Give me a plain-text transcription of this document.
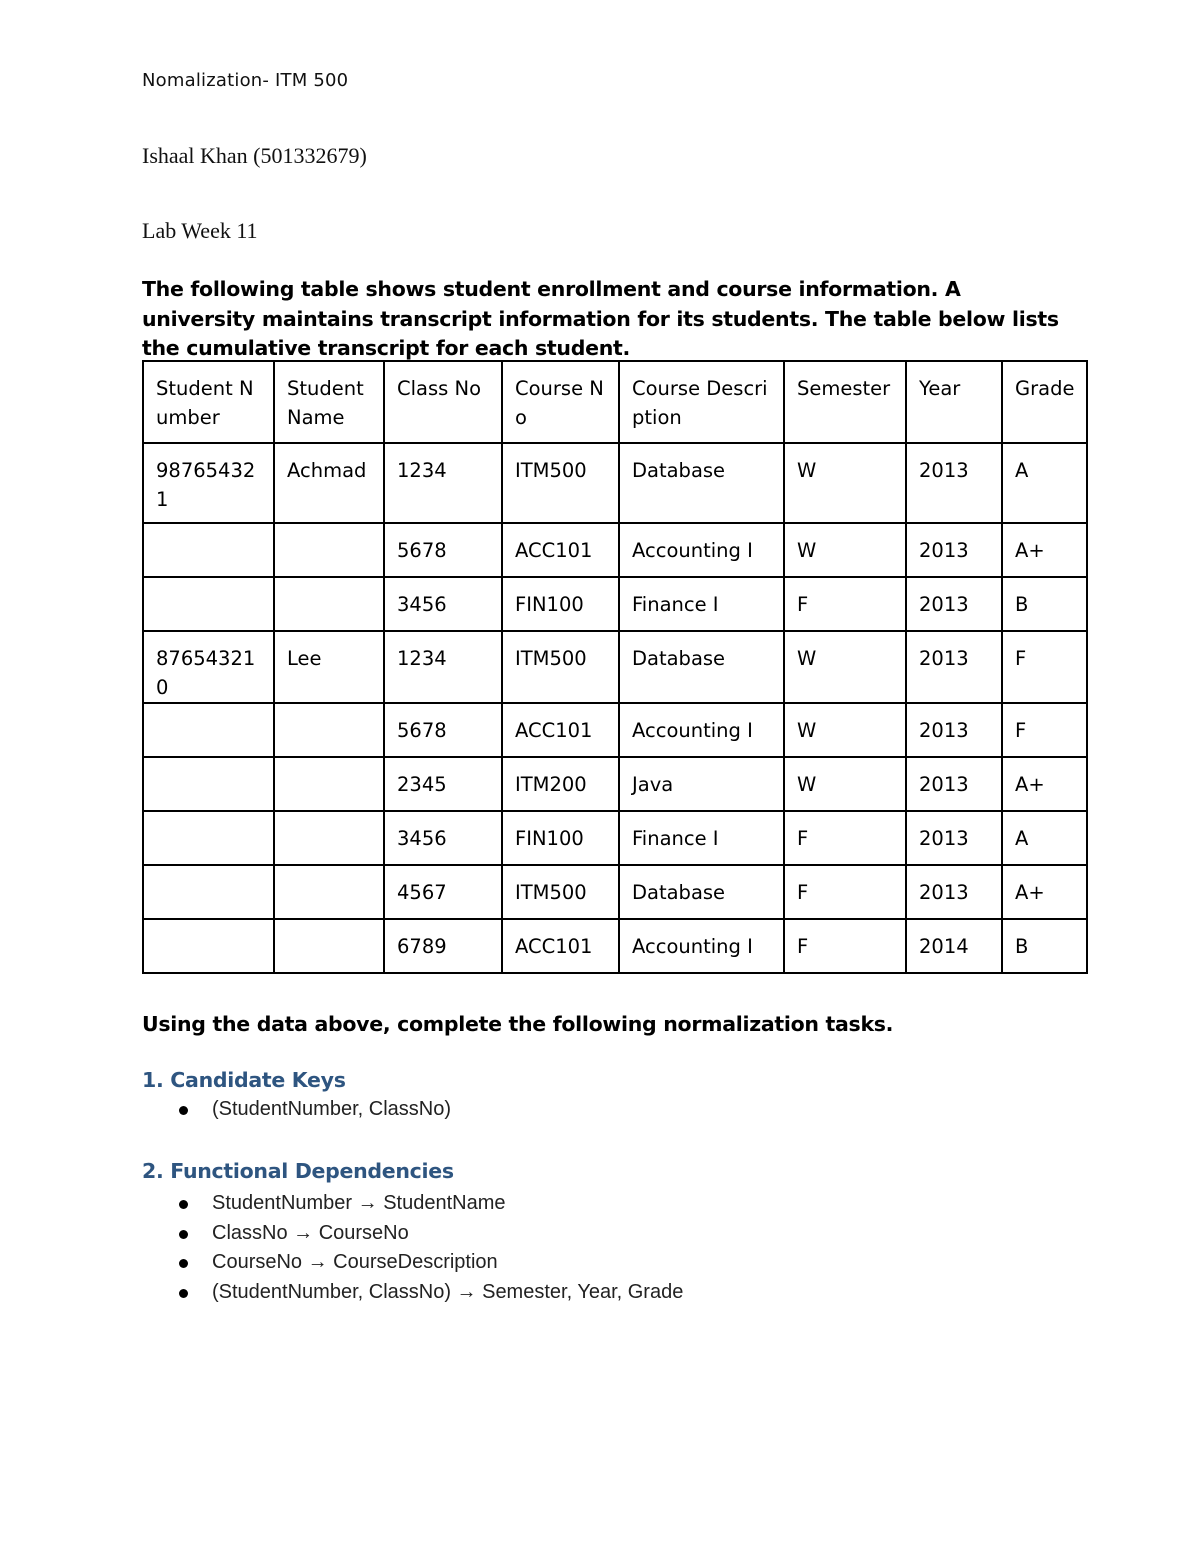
Nomalization- ITM 500
Ishaal Khan (501332679)
Lab Week 11
The following table shows student enrollment and course information. A university maintains transcript information for its students. The table below lists the cumulative transcript for each student.
Student Number	Student Name	Class No	Course No	Course Description	Semester	Year	Grade
987654321	Achmad	1234	ITM500	Database	W	2013	A
		5678	ACC101	Accounting I	W	2013	A+
		3456	FIN100	Finance I	F	2013	B
876543210	Lee	1234	ITM500	Database	W	2013	F
		5678	ACC101	Accounting I	W	2013	F
		2345	ITM200	Java	W	2013	A+
		3456	FIN100	Finance I	F	2013	A
		4567	ITM500	Database	F	2013	A+
		6789	ACC101	Accounting I	F	2014	B
Using the data above, complete the following normalization tasks.
1. Candidate Keys
(StudentNumber, ClassNo)
2. Functional Dependencies
StudentNumber → StudentName
ClassNo → CourseNo
CourseNo → CourseDescription
(StudentNumber, ClassNo) → Semester, Year, Grade
